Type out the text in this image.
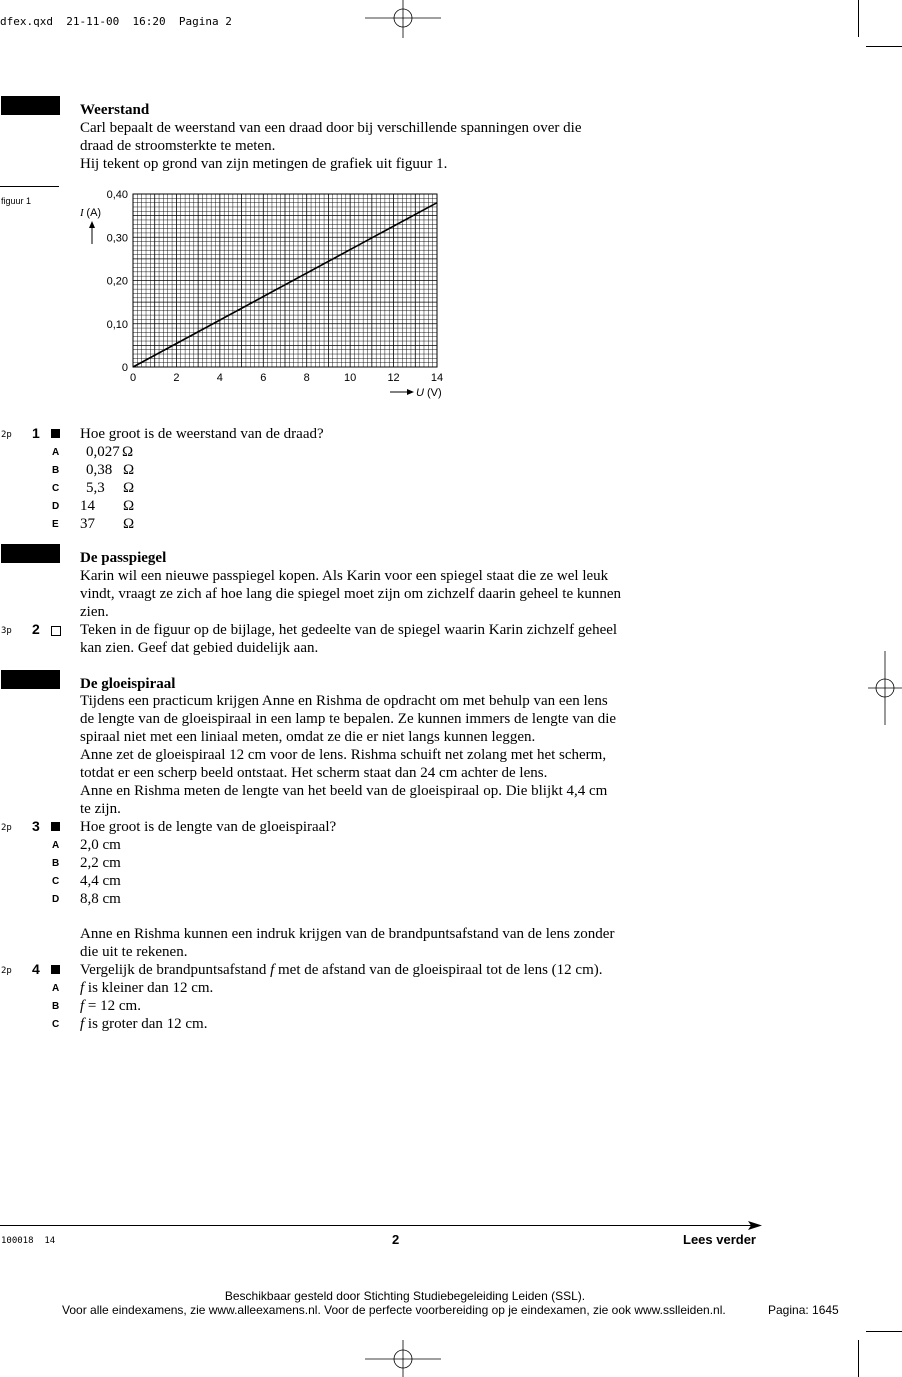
dfex.qxd 21-11-00 16:20 Pagina 2
Weerstand
Carl bepaalt de weerstand van een draad door bij verschillende spanningen over die
draad de stroomsterkte te meten.
Hij tekent op grond van zijn metingen de grafiek uit figuur 1.
figuur 1
0	2	4	6	8	10	12	14
0
0,10
0,20
0,30
0,40
I (A)
U (V)
2p 1	Hoe groot is de weerstand van de draad?
A 0,027 Ω
B 0,38 Ω
C 5,3	Ω
D 14	Ω
E 37	Ω
De passpiegel
Karin wil een nieuwe passpiegel kopen. Als Karin voor een spiegel staat die ze wel leuk
vindt, vraagt ze zich af hoe lang die spiegel moet zijn om zichzelf daarin geheel te kunnen
zien.
3p 2	Teken in de figuur op de bijlage, het gedeelte van de spiegel waarin Karin zichzelf geheel
kan zien. Geef dat gebied duidelijk aan.
De gloeispiraal
Tijdens een practicum krijgen Anne en Rishma de opdracht om met behulp van een lens
de lengte van de gloeispiraal in een lamp te bepalen. Ze kunnen immers de lengte van die
spiraal niet met een liniaal meten, omdat ze die er niet langs kunnen leggen.
Anne zet de gloeispiraal 12 cm voor de lens. Rishma schuift net zolang met het scherm,
totdat er een scherp beeld ontstaat. Het scherm staat dan 24 cm achter de lens.
Anne en Rishma meten de lengte van het beeld van de gloeispiraal op. Die blijkt 4,4 cm
te zijn.
2p 3	Hoe groot is de lengte van de gloeispiraal?
A 2,0 cm
B 2,2 cm
C 4,4 cm
D 8,8 cm
Anne en Rishma kunnen een indruk krijgen van de brandpuntsafstand van de lens zonder
die uit te rekenen.
2p 4	Vergelijk de brandpuntsafstand f met de afstand van de gloeispiraal tot de lens (12 cm).
A f is kleiner dan 12 cm.
B f = 12 cm.
C f is groter dan 12 cm.
100018  14	2	Lees verder
Beschikbaar gesteld door Stichting Studiebegeleiding Leiden (SSL).
Voor alle eindexamens, zie www.alleexamens.nl. Voor de perfecte voorbereiding op je eindexamen, zie ook www.sslleiden.nl.	Pagina: 1645
